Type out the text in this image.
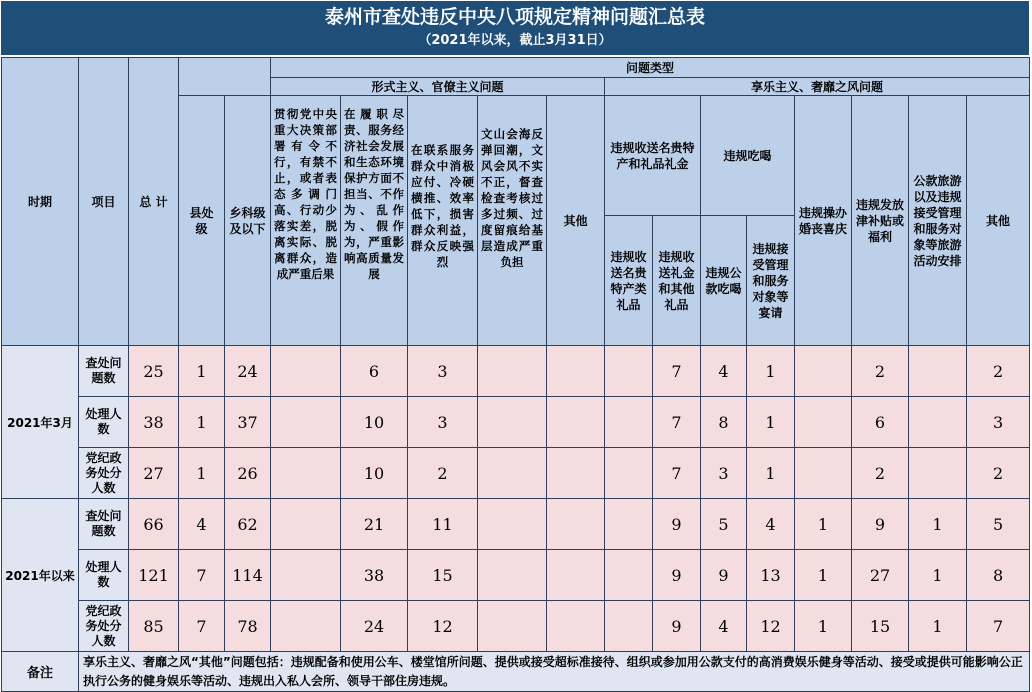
泰州市查处违反中央八项规定精神问题汇总表
（2021年以来，截止3月31日）
时期	项目	总 计			问题类型												
					形式主义、官僚主义问题					享乐主义、奢靡之风问题							

			县处级	乡科级及以下	贯彻党中央重大决策部署有令不行，有禁不止，或者表态多调门高、行动少落实差，脱离实际、脱离群众，造成严重后果	在履职尽责、服务经济社会发展和生态环境保护方面不担当、不作为、乱作为、假作为，严重影响高质量发展	在联系服务群众中消极应付、冷硬横推、效率低下，损害群众利益，群众反映强烈	文山会海反弹回潮，文风会风不实不正，督查检查考核过多过频、过度留痕给基层造成严重负担	其他	违规收送名贵特产和礼品礼金		违规吃喝		违规操办婚丧喜庆	违规发放津补贴或福利	公款旅游以及违规接受管理和服务对象等旅游活动安排	其他

										违规收送名贵特产类礼品	违规收送礼金和其他礼品	违规公款吃喝	违规接受管理和服务对象等宴请				

2021年3月	查处问题数	25	1	24		6	3				7	4	1		2		2

	处理人数	38	1	37		10	3				7	8	1		6		3

	党纪政务处分人数	27	1	26		10	2				7	3	1		2		2
2021年以来	查处问题数	66	4	62		21	11				9	5	4	1	9	1	5

	处理人数	121	7	114		38	15				9	9	13	1	27	1	8

	党纪政务处分人数	85	7	78		24	12				9	4	12	1	15	1	7
备注	享乐主义、奢靡之风“其他”问题包括：违规配备和使用公车、楼堂馆所问题、提供或接受超标准接待、组织或参加用公款支付的高消费娱乐健身等活动、接受或提供可能影响公正执行公务的健身娱乐等活动、违规出入私人会所、领导干部住房违规。																
